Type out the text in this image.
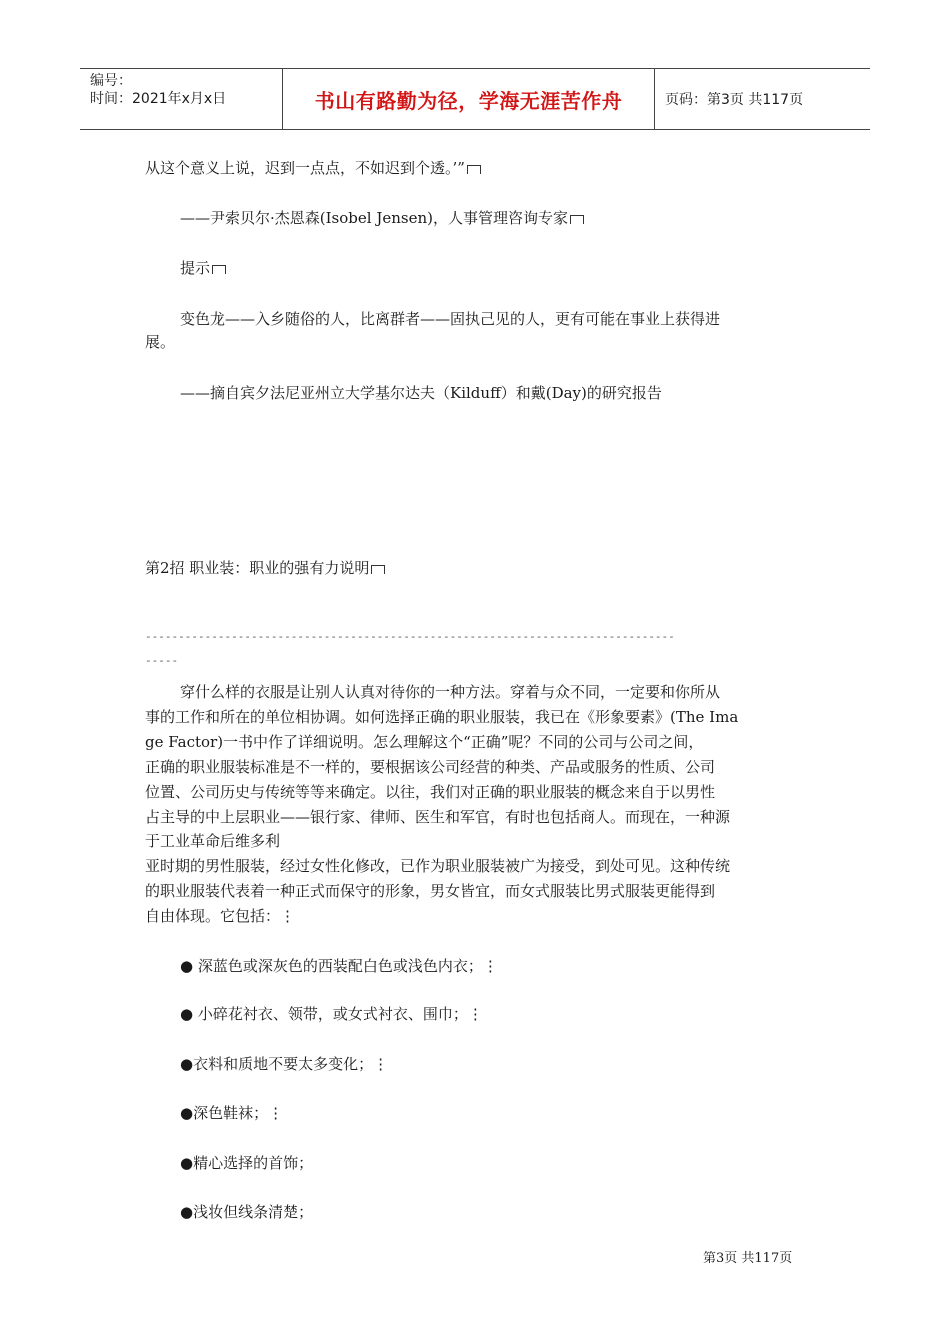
编号：
时间：2021年x月x日	书山有路勤为径，学海无涯苦作舟	页码：第3页 共117页
从这个意义上说，迟到一点点，不如迟到个透。’”
——尹索贝尔·杰恩森(Isobel Jensen)，人事管理咨询专家
提示
变色龙——入乡随俗的人，比离群者——固执己见的人，更有可能在事业上获得进
展。
——摘自宾夕法尼亚州立大学基尔达夫（Kilduff）和戴(Day)的研究报告
第2招 职业装：职业的强有力说明
--------------------------------------------------------------------------------
-----
穿什么样的衣服是让别人认真对待你的一种方法。穿着与众不同，一定要和你所从
事的工作和所在的单位相协调。如何选择正确的职业服装，我已在《形象要素》(The Ima
ge Factor)一书中作了详细说明。怎么理解这个“正确”呢？不同的公司与公司之间，
正确的职业服装标准是不一样的，要根据该公司经营的种类、产品或服务的性质、公司
位置、公司历史与传统等等来确定。以往，我们对正确的职业服装的概念来自于以男性
占主导的中上层职业——银行家、律师、医生和军官，有时也包括商人。而现在，一种源
于工业革命后维多利
亚时期的男性服装，经过女性化修改，已作为职业服装被广为接受，到处可见。这种传统
的职业服装代表着一种正式而保守的形象，男女皆宜，而女式服装比男式服装更能得到
自由体现。它包括：⋮
● 深蓝色或深灰色的西装配白色或浅色内衣；⋮
● 小碎花衬衣、领带，或女式衬衣、围巾；⋮
●衣料和质地不要太多变化；⋮
●深色鞋袜；⋮
●精心选择的首饰；
●浅妆但线条清楚；
第3页 共117页
